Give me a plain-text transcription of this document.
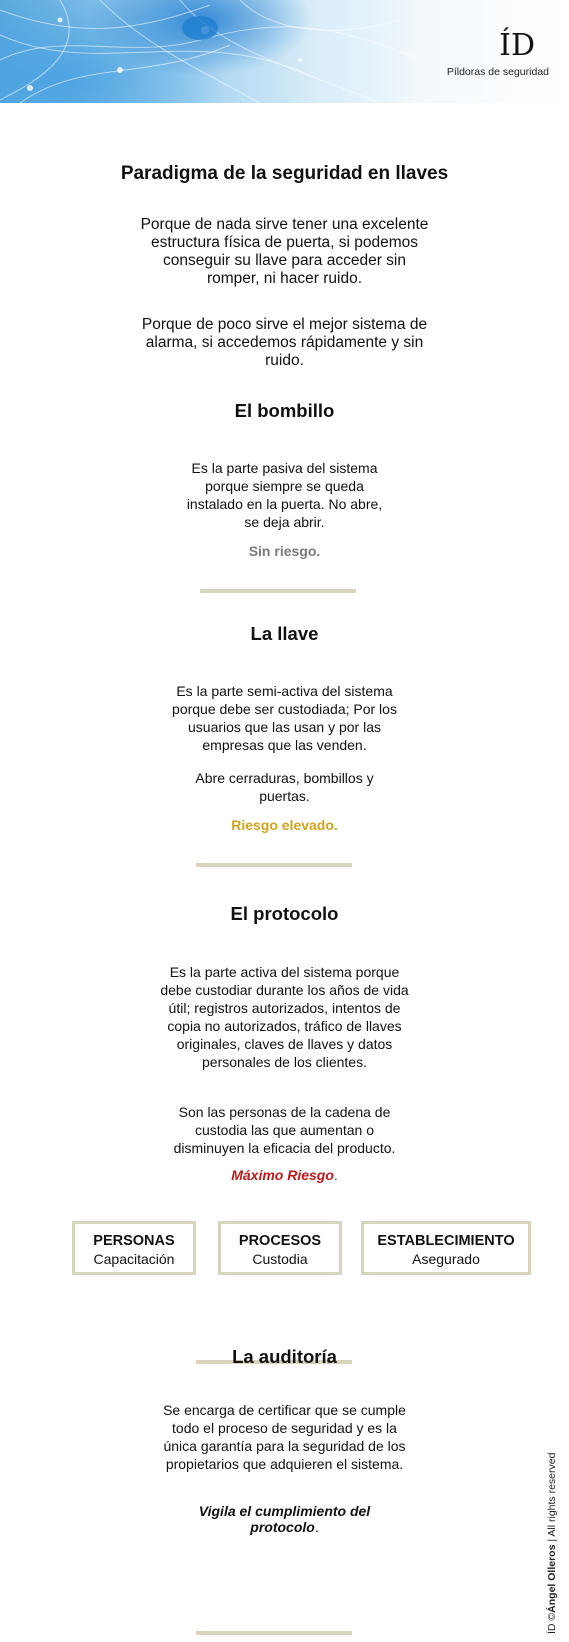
ÍD
Píldoras de seguridad
Paradigma de la seguridad en llaves
Porque de nada sirve tener una excelente estructura física de puerta, si podemos conseguir su llave para acceder sin romper, ni hacer ruido.
Porque de poco sirve el mejor sistema de alarma, si accedemos rápidamente y sin ruido.
El bombillo
Es la parte pasiva del sistema porque siempre se queda instalado en la puerta. No abre, se deja abrir.
Sin riesgo.
La llave
Es la parte semi-activa del sistema porque debe ser custodiada; Por los usuarios que las usan y por las empresas que las venden.
Abre cerraduras, bombillos y puertas.
Riesgo elevado.
El protocolo
Es la parte activa del sistema porque debe custodiar durante los años de vida útil; registros autorizados, intentos de copia no autorizados, tráfico de llaves originales, claves de llaves y datos personales de los clientes.
Son las personas de la cadena de custodia las que aumentan o disminuyen la eficacia del producto.
Máximo Riesgo.
La auditoría
Se encarga de certificar que se cumple todo el proceso de seguridad y es la única garantía para la seguridad de los propietarios que adquieren el sistema.
Vigila el cumplimiento del protocolo.
PERSONAS
Capacitación
PROCESOS
Custodia
ESTABLECIMIENTO
Asegurado
ÍD ©Ángel Olleros | All rights reserved
